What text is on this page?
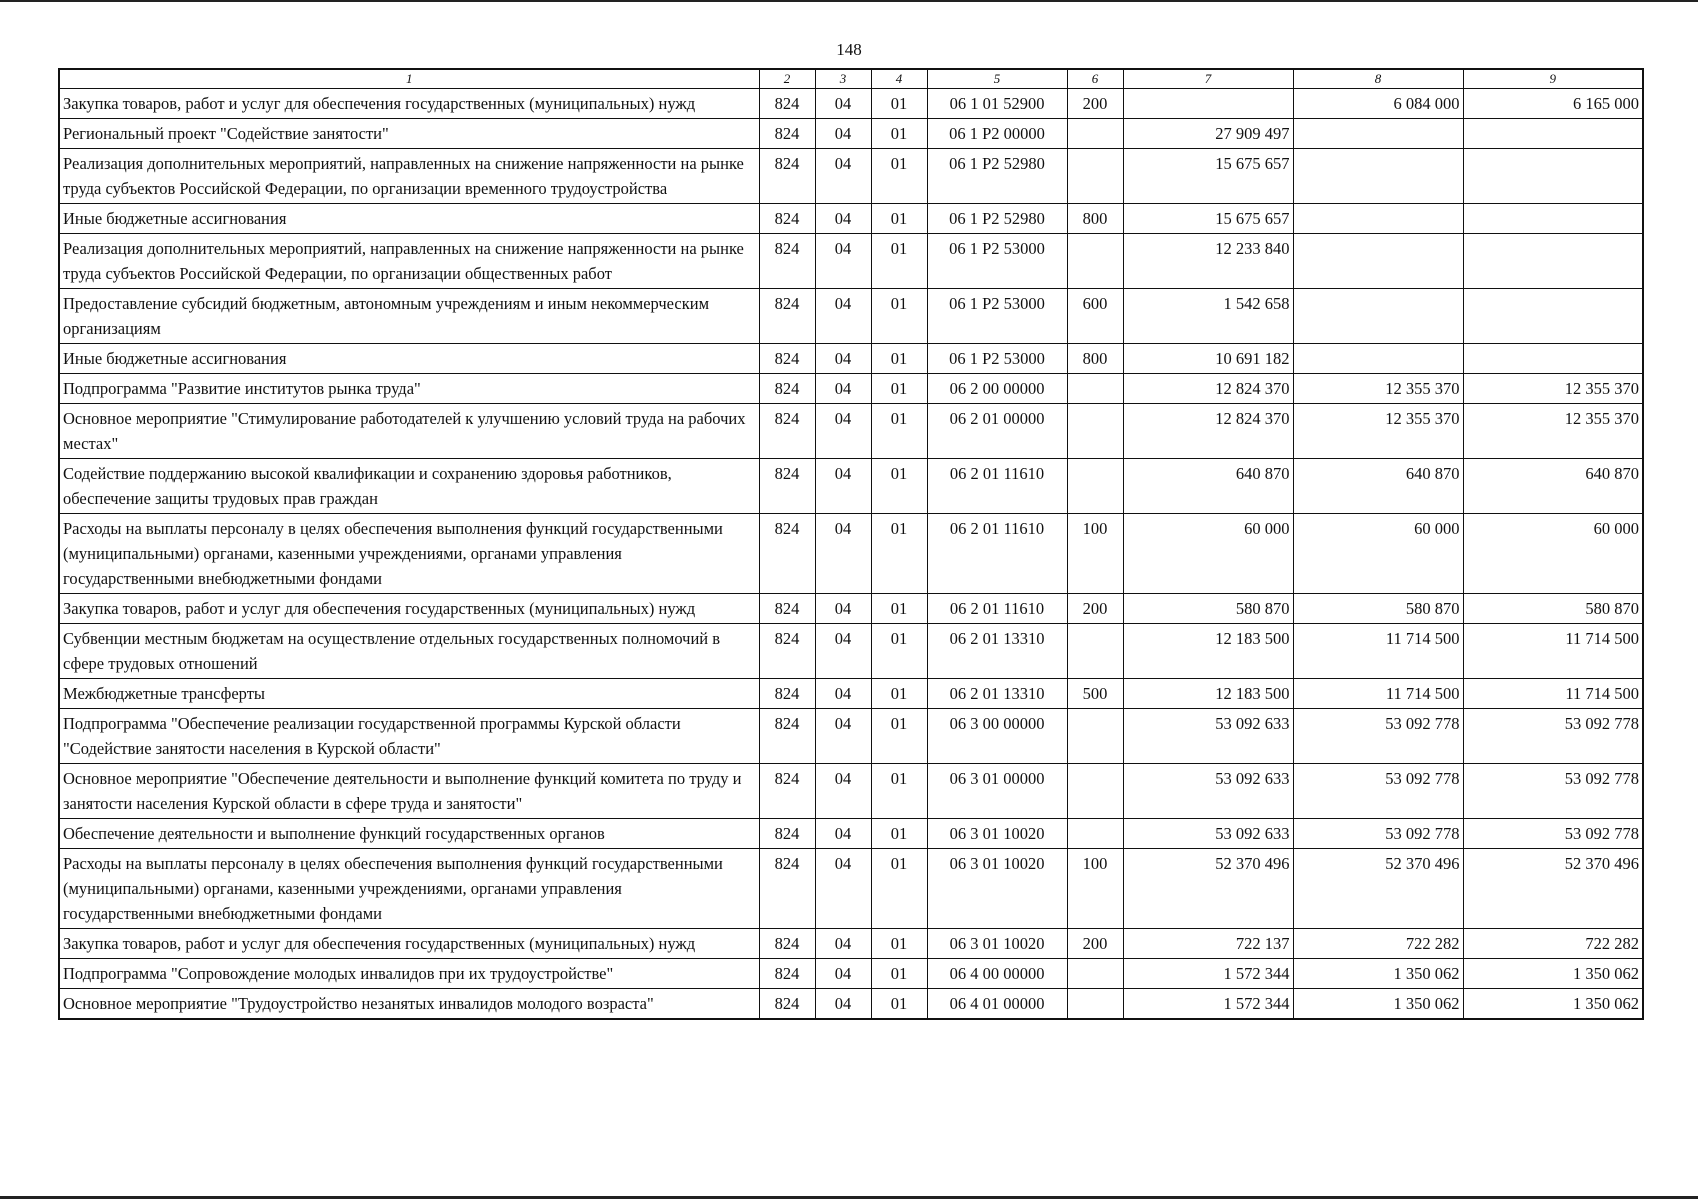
148
1	2	3	4	5	6	7	8	9
Закупка товаров, работ и услуг для обеспечения государственных (муниципальных) нужд	824	04	01	06 1 01 52900	200		6 084 000	6 165 000
Региональный проект "Содействие занятости"	824	04	01	06 1 P2 00000		27 909 497		
Реализация дополнительных мероприятий, направленных на снижение напряженности на рынке труда субъектов Российской Федерации, по организации временного трудоустройства	824	04	01	06 1 P2 52980		15 675 657		
Иные бюджетные ассигнования	824	04	01	06 1 P2 52980	800	15 675 657		
Реализация дополнительных мероприятий, направленных на снижение напряженности на рынке труда субъектов Российской Федерации, по организации общественных работ	824	04	01	06 1 P2 53000		12 233 840		
Предоставление субсидий бюджетным, автономным учреждениям и иным некоммерческим организациям	824	04	01	06 1 P2 53000	600	1 542 658		
Иные бюджетные ассигнования	824	04	01	06 1 P2 53000	800	10 691 182		
Подпрограмма "Развитие институтов рынка труда"	824	04	01	06 2 00 00000		12 824 370	12 355 370	12 355 370
Основное мероприятие "Стимулирование работодателей к улучшению условий труда на рабочих местах"	824	04	01	06 2 01 00000		12 824 370	12 355 370	12 355 370
Содействие поддержанию высокой квалификации и сохранению здоровья работников, обеспечение защиты трудовых прав граждан	824	04	01	06 2 01 11610		640 870	640 870	640 870
Расходы на выплаты персоналу в целях обеспечения выполнения функций государственными (муниципальными) органами, казенными учреждениями, органами управления государственными внебюджетными фондами	824	04	01	06 2 01 11610	100	60 000	60 000	60 000
Закупка товаров, работ и услуг для обеспечения государственных (муниципальных) нужд	824	04	01	06 2 01 11610	200	580 870	580 870	580 870
Субвенции местным бюджетам на осуществление отдельных государственных полномочий в сфере трудовых отношений	824	04	01	06 2 01 13310		12 183 500	11 714 500	11 714 500
Межбюджетные трансферты	824	04	01	06 2 01 13310	500	12 183 500	11 714 500	11 714 500
Подпрограмма "Обеспечение реализации государственной программы Курской области "Содействие занятости населения в Курской области"	824	04	01	06 3 00 00000		53 092 633	53 092 778	53 092 778
Основное мероприятие "Обеспечение деятельности и выполнение функций комитета по труду и занятости населения Курской области в сфере труда и занятости"	824	04	01	06 3 01 00000		53 092 633	53 092 778	53 092 778
Обеспечение деятельности и выполнение функций государственных органов	824	04	01	06 3 01 10020		53 092 633	53 092 778	53 092 778
Расходы на выплаты персоналу в целях обеспечения выполнения функций государственными (муниципальными) органами, казенными учреждениями, органами управления государственными внебюджетными фондами	824	04	01	06 3 01 10020	100	52 370 496	52 370 496	52 370 496
Закупка товаров, работ и услуг для обеспечения государственных (муниципальных) нужд	824	04	01	06 3 01 10020	200	722 137	722 282	722 282
Подпрограмма "Сопровождение молодых инвалидов при их трудоустройстве"	824	04	01	06 4 00 00000		1 572 344	1 350 062	1 350 062
Основное мероприятие "Трудоустройство незанятых инвалидов молодого возраста"	824	04	01	06 4 01 00000		1 572 344	1 350 062	1 350 062
